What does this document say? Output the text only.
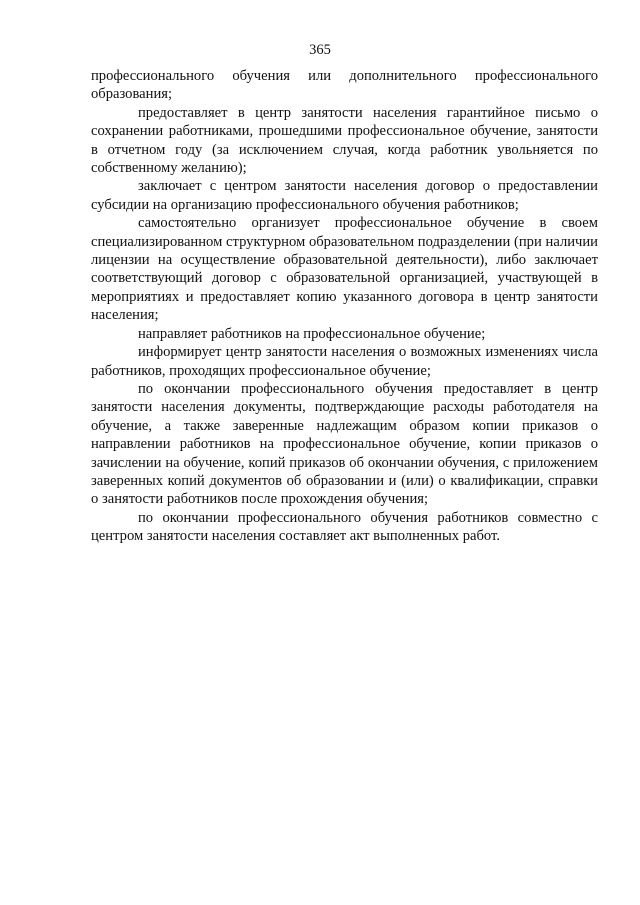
365

профессионального обучения или дополнительного профессионального образования;

предоставляет в центр занятости населения гарантийное письмо о сохранении работниками, прошедшими профессиональное обучение, занятости в отчетном году (за исключением случая, когда работник увольняется по собственному желанию);

заключает с центром занятости населения договор о предоставлении субсидии на организацию профессионального обучения работников;

самостоятельно организует профессиональное обучение в своем специализированном структурном образовательном подразделении (при наличии лицензии на осуществление образовательной деятельности), либо заключает соответствующий договор с образовательной организацией, участвующей в мероприятиях и предоставляет копию указанного договора в центр занятости населения;

направляет работников на профессиональное обучение;

информирует центр занятости населения о возможных изменениях числа работников, проходящих профессиональное обучение;

по окончании профессионального обучения предоставляет в центр занятости населения документы, подтверждающие расходы работодателя на обучение, а также заверенные надлежащим образом копии приказов о направлении работников на профессиональное обучение, копии приказов о зачислении на обучение, копий приказов об окончании обучения, с приложением заверенных копий документов об образовании и (или) о квалификации, справки о занятости работников после прохождения обучения;

по окончании профессионального обучения работников совместно с центром занятости населения составляет акт выполненных работ.
